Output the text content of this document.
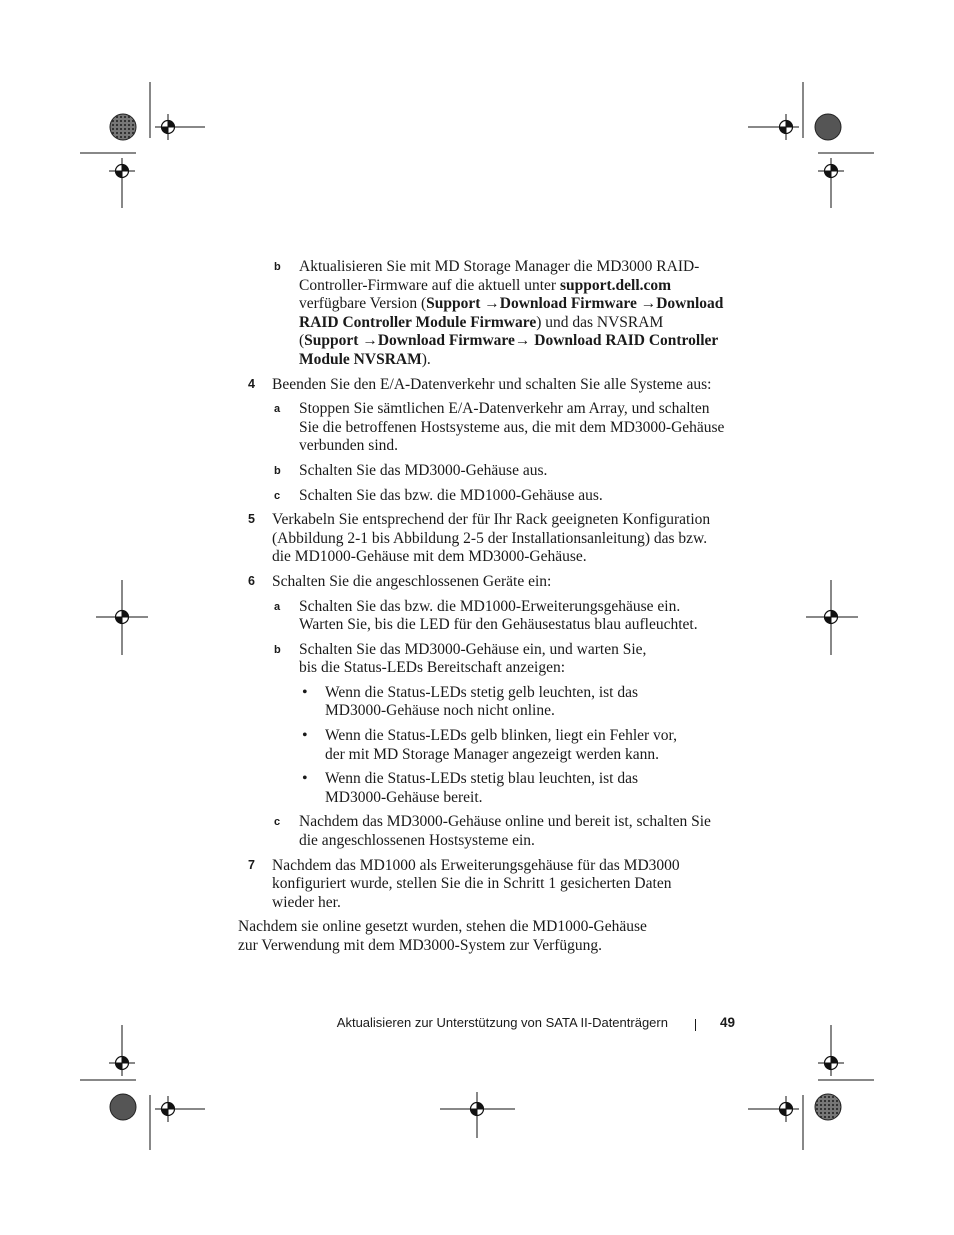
b Aktualisieren Sie mit MD Storage Manager die MD3000 RAID-
Controller-Firmware auf die aktuell unter support.dell.com
verfügbare Version (Support →Download Firmware →Download
RAID Controller Module Firmware) und das NVSRAM
(Support →Download Firmware→ Download RAID Controller
Module NVSRAM).

4 Beenden Sie den E/A-Datenverkehr und schalten Sie alle Systeme aus:

a Stoppen Sie sämtlichen E/A-Datenverkehr am Array, und schalten
Sie die betroffenen Hostsysteme aus, die mit dem MD3000-Gehäuse
verbunden sind.

b Schalten Sie das MD3000-Gehäuse aus.

c Schalten Sie das bzw. die MD1000-Gehäuse aus.

5 Verkabeln Sie entsprechend der für Ihr Rack geeigneten Konfiguration
(Abbildung 2-1 bis Abbildung 2-5 der Installationsanleitung) das bzw.
die MD1000-Gehäuse mit dem MD3000-Gehäuse.

6 Schalten Sie die angeschlossenen Geräte ein:

a Schalten Sie das bzw. die MD1000-Erweiterungsgehäuse ein.
Warten Sie, bis die LED für den Gehäusestatus blau aufleuchtet.

b Schalten Sie das MD3000-Gehäuse ein, und warten Sie,
bis die Status-LEDs Bereitschaft anzeigen:

• Wenn die Status-LEDs stetig gelb leuchten, ist das
MD3000-Gehäuse noch nicht online.

• Wenn die Status-LEDs gelb blinken, liegt ein Fehler vor,
der mit MD Storage Manager angezeigt werden kann.

• Wenn die Status-LEDs stetig blau leuchten, ist das
MD3000-Gehäuse bereit.

c Nachdem das MD3000-Gehäuse online und bereit ist, schalten Sie
die angeschlossenen Hostsysteme ein.

7 Nachdem das MD1000 als Erweiterungsgehäuse für das MD3000
konfiguriert wurde, stellen Sie die in Schritt 1 gesicherten Daten
wieder her.

Nachdem sie online gesetzt wurden, stehen die MD1000-Gehäuse
zur Verwendung mit dem MD3000-System zur Verfügung.

Aktualisieren zur Unterstützung von SATA II-Datenträgern	49
